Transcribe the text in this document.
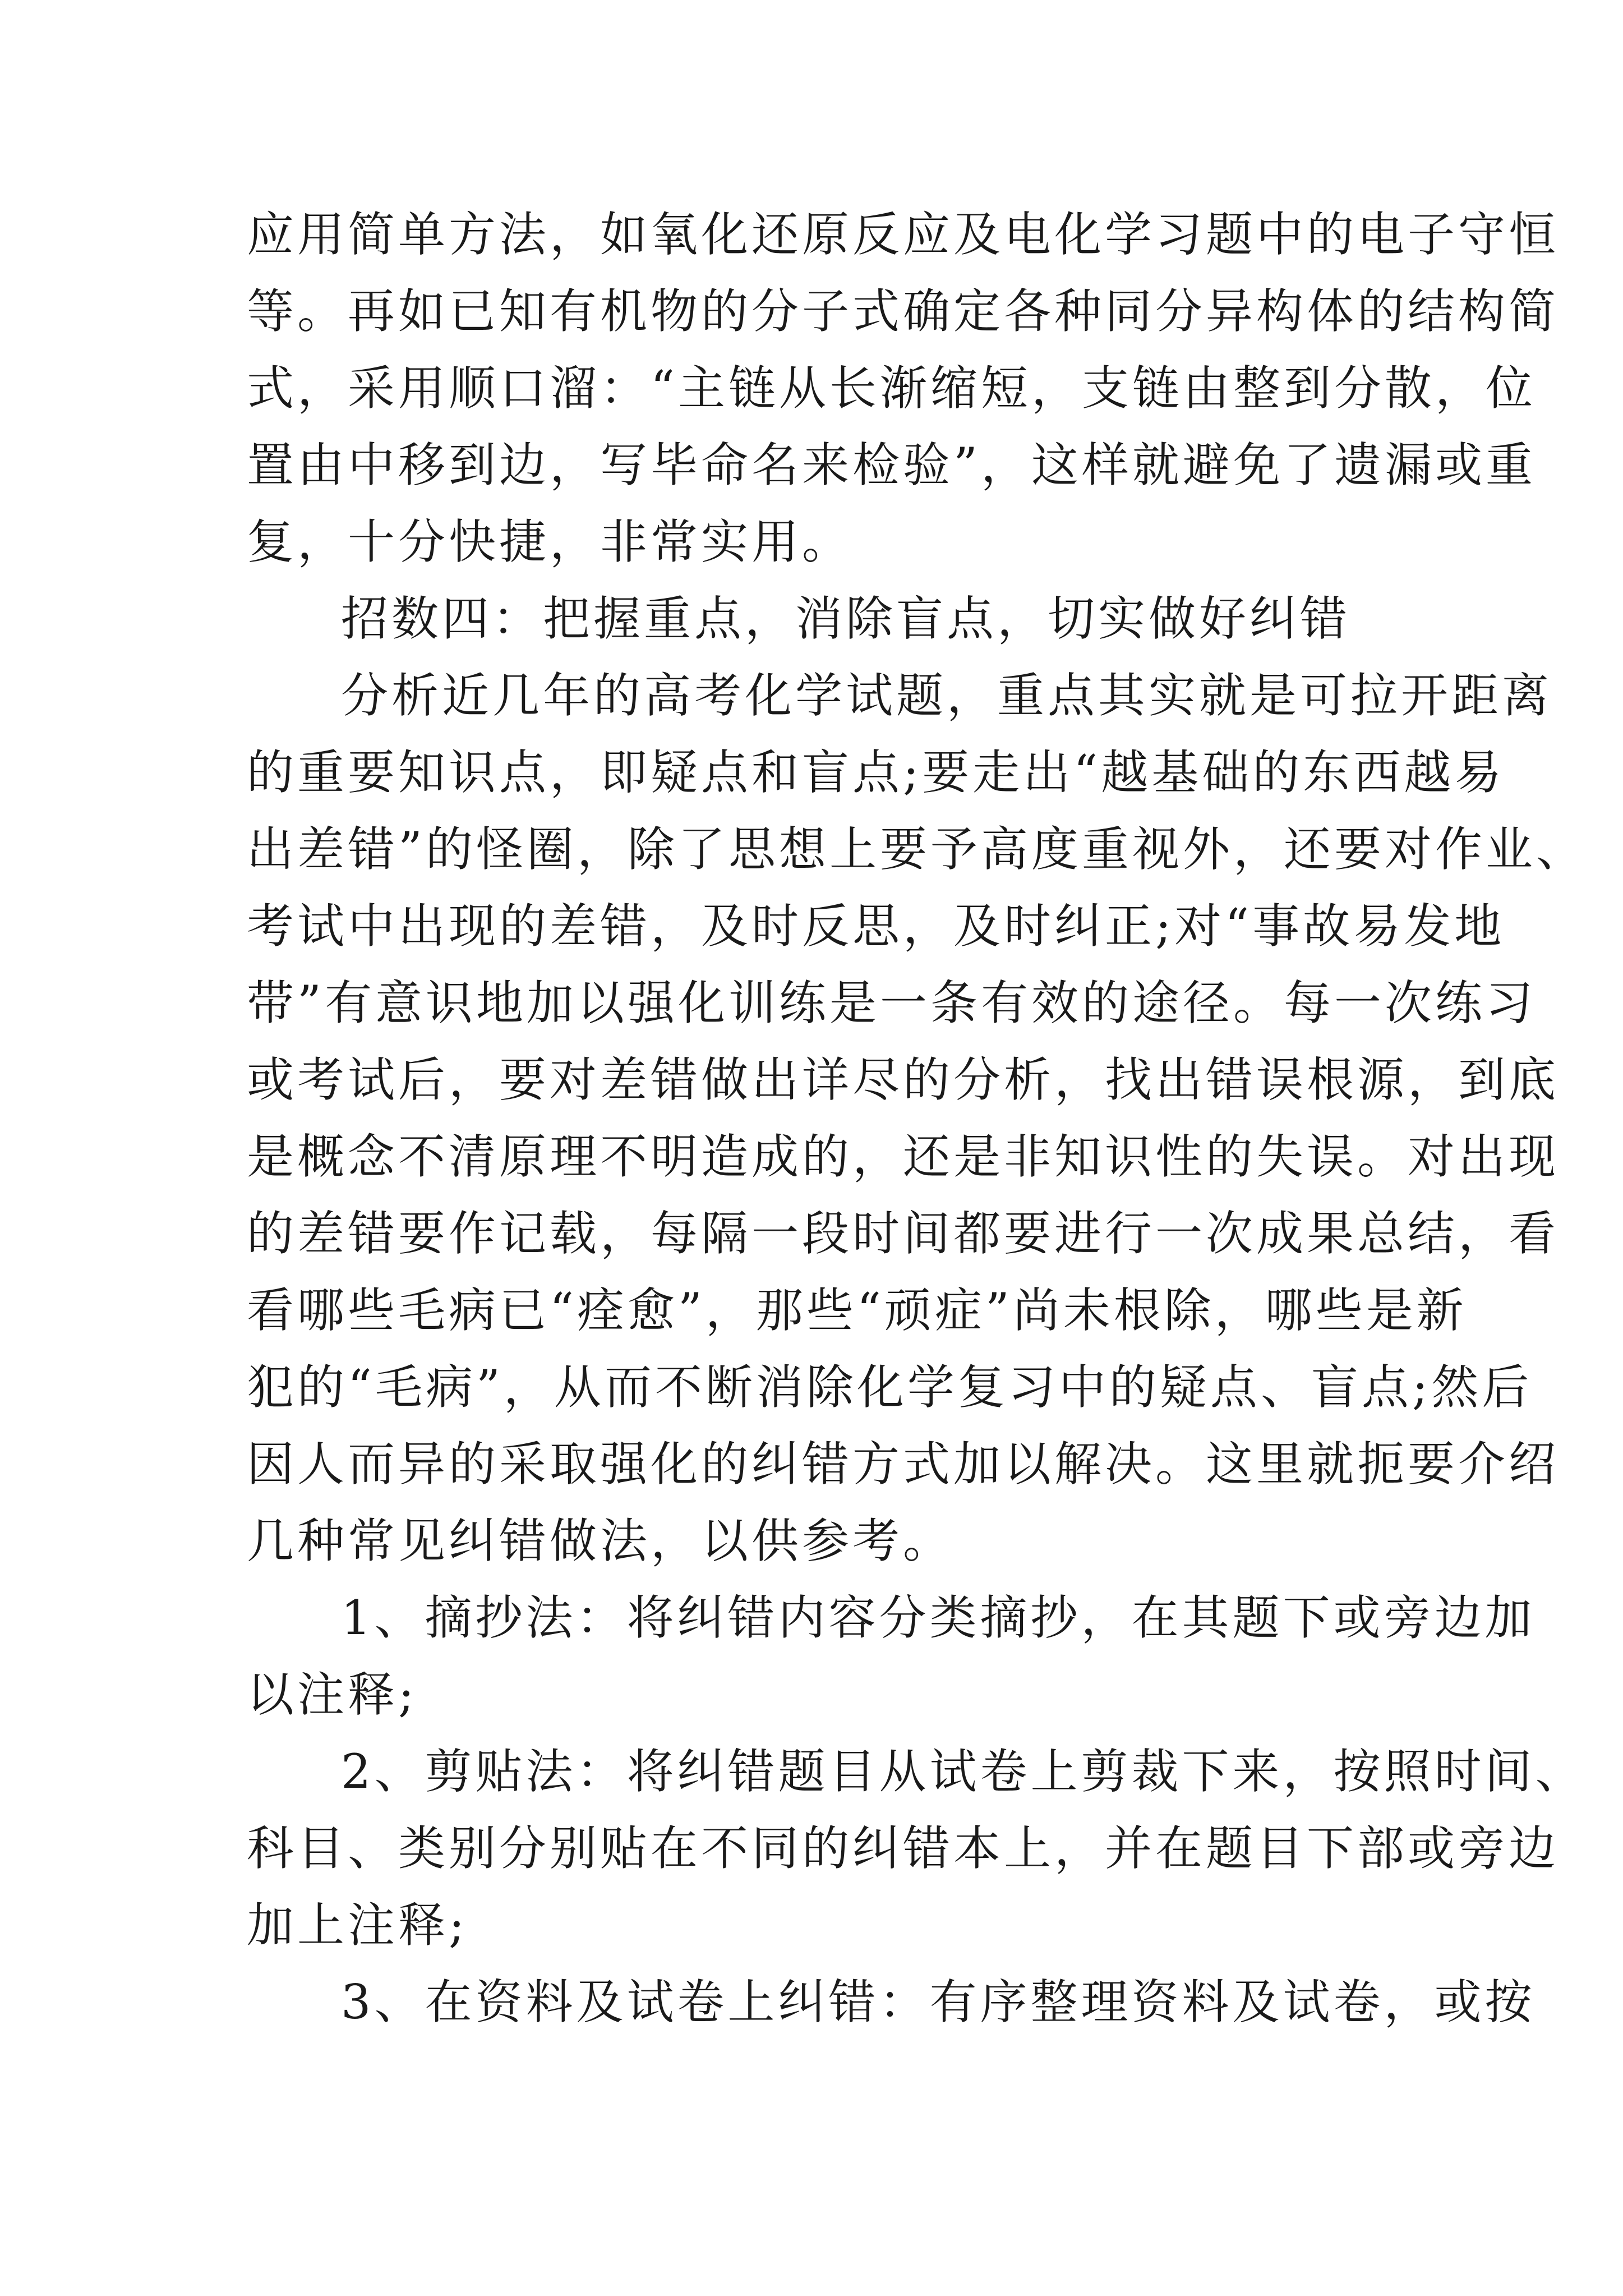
应用简单方法，如氧化还原反应及电化学习题中的电子守恒
等。再如已知有机物的分子式确定各种同分异构体的结构简
式，采用顺口溜：“主链从长渐缩短，支链由整到分散，位
置由中移到边，写毕命名来检验”，这样就避免了遗漏或重
复，十分快捷，非常实用。
招数四：把握重点，消除盲点，切实做好纠错
分析近几年的高考化学试题，重点其实就是可拉开距离
的重要知识点，即疑点和盲点;要走出“越基础的东西越易
出差错”的怪圈，除了思想上要予高度重视外，还要对作业、
考试中出现的差错，及时反思，及时纠正;对“事故易发地
带”有意识地加以强化训练是一条有效的途径。每一次练习
或考试后，要对差错做出详尽的分析，找出错误根源，到底
是概念不清原理不明造成的，还是非知识性的失误。对出现
的差错要作记载，每隔一段时间都要进行一次成果总结，看
看哪些毛病已“痊愈”，那些“顽症”尚未根除，哪些是新
犯的“毛病”，从而不断消除化学复习中的疑点、盲点;然后
因人而异的采取强化的纠错方式加以解决。这里就扼要介绍
几种常见纠错做法，以供参考。
1、摘抄法：将纠错内容分类摘抄，在其题下或旁边加
以注释;
2、剪贴法：将纠错题目从试卷上剪裁下来，按照时间、
科目、类别分别贴在不同的纠错本上，并在题目下部或旁边
加上注释;
3、在资料及试卷上纠错：有序整理资料及试卷，或按
